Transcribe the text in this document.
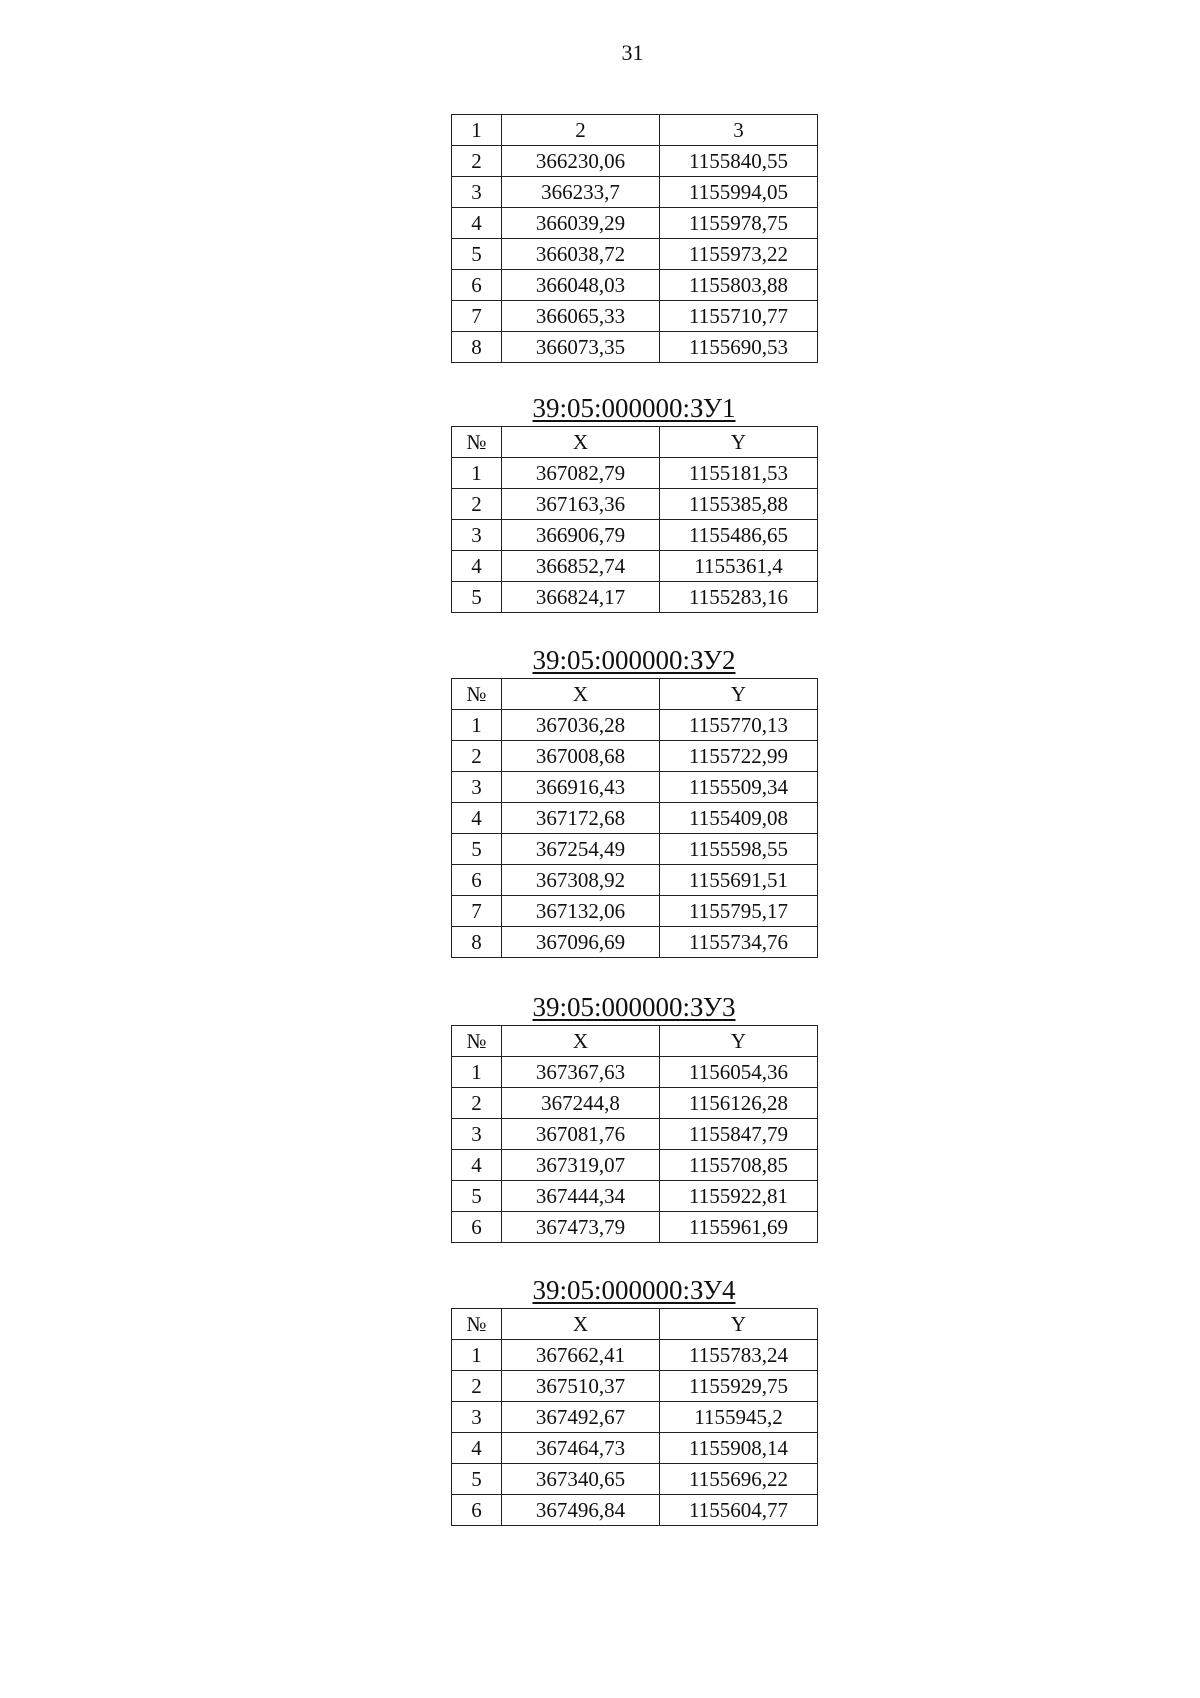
31
1	2	3
2	366230,06	1155840,55
3	366233,7	1155994,05
4	366039,29	1155978,75
5	366038,72	1155973,22
6	366048,03	1155803,88
7	366065,33	1155710,77
8	366073,35	1155690,53
39:05:000000:ЗУ1
№	X	Y
1	367082,79	1155181,53
2	367163,36	1155385,88
3	366906,79	1155486,65
4	366852,74	1155361,4
5	366824,17	1155283,16
39:05:000000:ЗУ2
№	X	Y
1	367036,28	1155770,13
2	367008,68	1155722,99
3	366916,43	1155509,34
4	367172,68	1155409,08
5	367254,49	1155598,55
6	367308,92	1155691,51
7	367132,06	1155795,17
8	367096,69	1155734,76
39:05:000000:ЗУ3
№	X	Y
1	367367,63	1156054,36
2	367244,8	1156126,28
3	367081,76	1155847,79
4	367319,07	1155708,85
5	367444,34	1155922,81
6	367473,79	1155961,69
39:05:000000:ЗУ4
№	X	Y
1	367662,41	1155783,24
2	367510,37	1155929,75
3	367492,67	1155945,2
4	367464,73	1155908,14
5	367340,65	1155696,22
6	367496,84	1155604,77
